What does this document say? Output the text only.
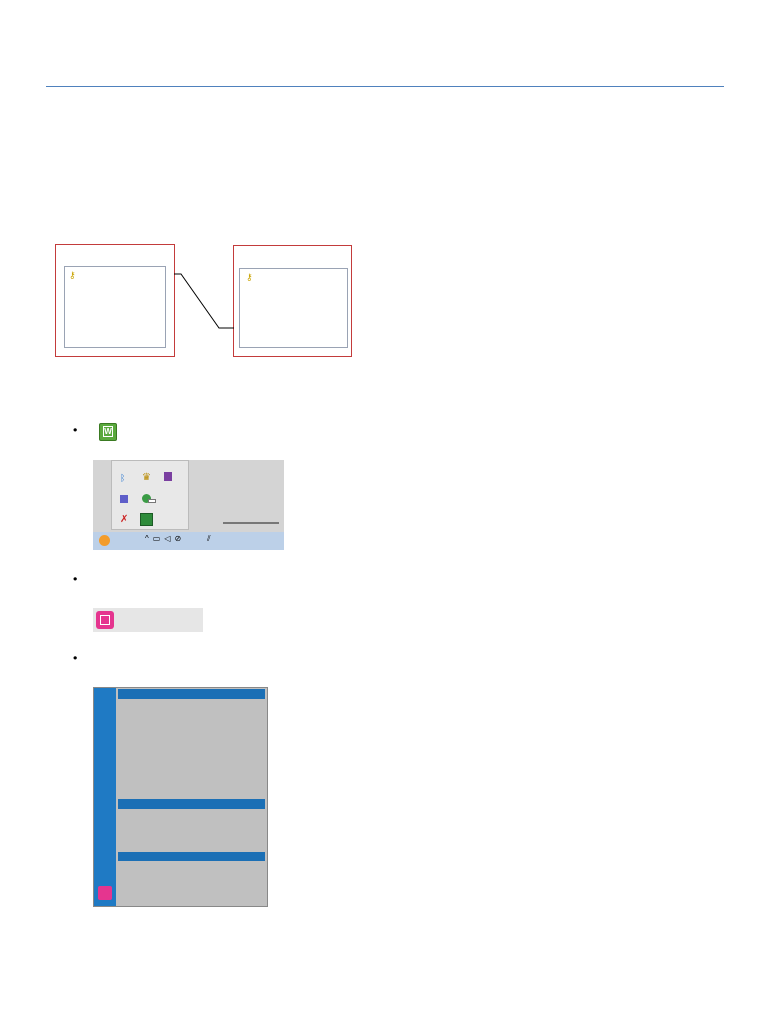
⚷	⚷
•	W
ᛒ ♛
✗
^▭◁⊘	⫽
•
•
